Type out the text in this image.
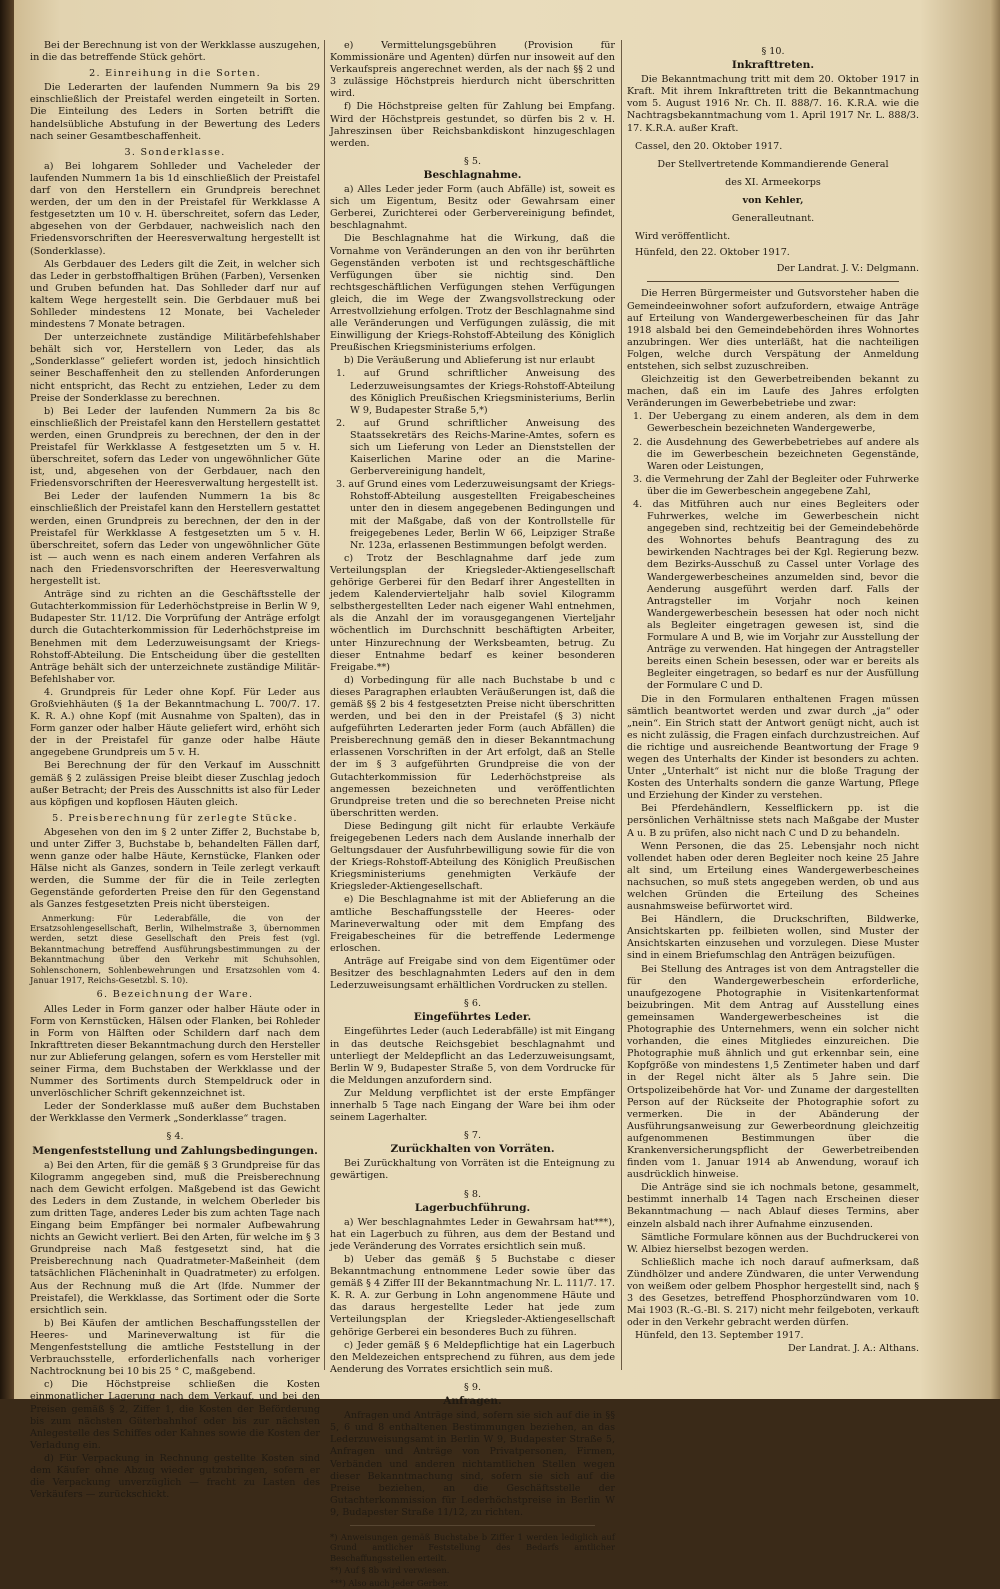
Bei der Berechnung ist von der Werkklasse auszugehen, in die das betreffende Stück gehört.

2. Einreihung in die Sorten.

Die Lederarten der laufenden Nummern 9a bis 29 einschließlich der Preistafel werden eingeteilt in Sorten. Die Einteilung des Leders in Sorten betrifft die handelsübliche Abstufung in der Bewertung des Leders nach seiner Gesamtbeschaffenheit.

3. Sonderklasse.

a) Bei lohgarem Sohlleder und Vacheleder der laufenden Nummern 1a bis 1d einschließlich der Preistafel darf von den Herstellern ein Grundpreis berechnet werden, der um den in der Preistafel für Werkklasse A festgesetzten um 10 v. H. überschreitet, sofern das Leder, abgesehen von der Gerbdauer, nachweislich nach den Friedensvorschriften der Heeresverwaltung hergestellt ist (Sonderklasse).

Als Gerbdauer des Leders gilt die Zeit, in welcher sich das Leder in gerbstoffhaltigen Brühen (Farben), Versenken und Gruben befunden hat. Das Sohlleder darf nur auf kaltem Wege hergestellt sein. Die Gerbdauer muß bei Sohlleder mindestens 12 Monate, bei Vacheleder mindestens 7 Monate betragen.

Der unterzeichnete zuständige Militärbefehlshaber behält sich vor, Herstellern von Leder, das als „Sonderklasse“ geliefert worden ist, jedoch hinsichtlich seiner Beschaffenheit den zu stellenden Anforderungen nicht entspricht, das Recht zu entziehen, Leder zu dem Preise der Sonderklasse zu berechnen.

b) Bei Leder der laufenden Nummern 2a bis 8c einschließlich der Preistafel kann den Herstellern gestattet werden, einen Grundpreis zu berechnen, der den in der Preistafel für Werkklasse A festgesetzten um 5 v. H. überschreitet, sofern das Leder von ungewöhnlicher Güte ist, und, abgesehen von der Gerbdauer, nach den Friedensvorschriften der Heeresverwaltung hergestellt ist.

Bei Leder der laufenden Nummern 1a bis 8c einschließlich der Preistafel kann den Herstellern gestattet werden, einen Grundpreis zu berechnen, der den in der Preistafel für Werkklasse A festgesetzten um 5 v. H. überschreitet, sofern das Leder von ungewöhnlicher Güte ist — auch wenn es nach einem anderen Verfahren als nach den Friedensvorschriften der Heeresverwaltung hergestellt ist.

Anträge sind zu richten an die Geschäftsstelle der Gutachterkommission für Lederhöchstpreise in Berlin W 9, Budapester Str. 11/12. Die Vorprüfung der Anträge erfolgt durch die Gutachterkommission für Lederhöchstpreise im Benehmen mit dem Lederzuweisungsamt der Kriegs-Rohstoff-Abteilung. Die Entscheidung über die gestellten Anträge behält sich der unterzeichnete zuständige Militär-Befehlshaber vor.

4. Grundpreis für Leder ohne Kopf. Für Leder aus Großviehhäuten (§ 1a der Bekanntmachung L. 700/7. 17. K. R. A.) ohne Kopf (mit Ausnahme von Spalten), das in Form ganzer oder halber Häute geliefert wird, erhöht sich der in der Preistafel für ganze oder halbe Häute angegebene Grundpreis um 5 v. H.

Bei Berechnung der für den Verkauf im Ausschnitt gemäß § 2 zulässigen Preise bleibt dieser Zuschlag jedoch außer Betracht; der Preis des Ausschnitts ist also für Leder aus köpfigen und kopflosen Häuten gleich.

5. Preisberechnung für zerlegte Stücke.

Abgesehen von den im § 2 unter Ziffer 2, Buchstabe b, und unter Ziffer 3, Buchstabe b, behandelten Fällen darf, wenn ganze oder halbe Häute, Kernstücke, Flanken oder Hälse nicht als Ganzes, sondern in Teile zerlegt verkauft werden, die Summe der für die in Teile zerlegten Gegenstände geforderten Preise den für den Gegenstand als Ganzes festgesetzten Preis nicht übersteigen.

Anmerkung: Für Lederabfälle, die von der Ersatzsohlengesellschaft, Berlin, Wilhelmstraße 3, übernommen werden, setzt diese Gesellschaft den Preis fest (vgl. Bekanntmachung betreffend Ausführungsbestimmungen zu der Bekanntmachung über den Verkehr mit Schuhsohlen, Sohlenschonern, Sohlenbewehrungen und Ersatzsohlen vom 4. Januar 1917, Reichs-Gesetzbl. S. 10).

6. Bezeichnung der Ware.

Alles Leder in Form ganzer oder halber Häute oder in Form von Kernstücken, Hälsen oder Flanken, bei Rohleder in Form von Hälften oder Schildern darf nach dem Inkrafttreten dieser Bekanntmachung durch den Hersteller nur zur Ablieferung gelangen, sofern es vom Hersteller mit seiner Firma, dem Buchstaben der Werkklasse und der Nummer des Sortiments durch Stempeldruck oder in unverlöschlicher Schrift gekennzeichnet ist.

Leder der Sonderklasse muß außer dem Buchstaben der Werkklasse den Vermerk „Sonderklasse“ tragen.

§ 4.

Mengenfeststellung und Zahlungsbedingungen.

a) Bei den Arten, für die gemäß § 3 Grundpreise für das Kilogramm angegeben sind, muß die Preisberechnung nach dem Gewicht erfolgen. Maßgebend ist das Gewicht des Leders in dem Zustande, in welchem Oberleder bis zum dritten Tage, anderes Leder bis zum achten Tage nach Eingang beim Empfänger bei normaler Aufbewahrung nichts an Gewicht verliert. Bei den Arten, für welche im § 3 Grundpreise nach Maß festgesetzt sind, hat die Preisberechnung nach Quadratmeter-Maßeinheit (dem tatsächlichen Flächeninhalt in Quadratmeter) zu erfolgen. Aus der Rechnung muß die Art (lfde. Nummer der Preistafel), die Werkklasse, das Sortiment oder die Sorte ersichtlich sein.

b) Bei Käufen der amtlichen Beschaffungsstellen der Heeres- und Marineverwaltung ist für die Mengenfeststellung die amtliche Feststellung in der Verbrauchsstelle, erforderlichenfalls nach vorheriger Nachtrocknung bei 10 bis 25 ° C, maßgebend.

c) Die Höchstpreise schließen die Kosten einmonatlicher Lagerung nach dem Verkauf, und bei den Preisen gemäß § 2, Ziffer 1, die Kosten der Beförderung bis zum nächsten Güterbahnhof oder bis zur nächsten Anlegestelle des Schiffes oder Kahnes sowie die Kosten der Verladung ein.

d) Für Verpackung in Rechnung gestellte Kosten sind dem Käufer ohne Abzug wieder gutzubringen, sofern er die Verpackung unverzüglich — fracht zu Lasten des Verkäufers — zurückschickt.

e) Vermittelungsgebühren (Provision für Kommissionäre und Agenten) dürfen nur insoweit auf den Verkaufspreis angerechnet werden, als der nach §§ 2 und 3 zulässige Höchstpreis hierdurch nicht überschritten wird.

f) Die Höchstpreise gelten für Zahlung bei Empfang. Wird der Höchstpreis gestundet, so dürfen bis 2 v. H. Jahreszinsen über Reichsbankdiskont hinzugeschlagen werden.

§ 5.

Beschlagnahme.

a) Alles Leder jeder Form (auch Abfälle) ist, soweit es sich um Eigentum, Besitz oder Gewahrsam einer Gerberei, Zurichterei oder Gerbervereinigung befindet, beschlagnahmt.

Die Beschlagnahme hat die Wirkung, daß die Vornahme von Veränderungen an den von ihr berührten Gegenständen verboten ist und rechtsgeschäftliche Verfügungen über sie nichtig sind. Den rechtsgeschäftlichen Verfügungen stehen Verfügungen gleich, die im Wege der Zwangsvollstreckung oder Arrestvollziehung erfolgen. Trotz der Beschlagnahme sind alle Veränderungen und Verfügungen zulässig, die mit Einwilligung der Kriegs-Rohstoff-Abteilung des Königlich Preußischen Kriegsministeriums erfolgen.

b) Die Veräußerung und Ablieferung ist nur erlaubt

1. auf Grund schriftlicher Anweisung des Lederzuweisungsamtes der Kriegs-Rohstoff-Abteilung des Königlich Preußischen Kriegsministeriums, Berlin W 9, Budapester Straße 5,*)

2. auf Grund schriftlicher Anweisung des Staatssekretärs des Reichs-Marine-Amtes, sofern es sich um Lieferung von Leder an Dienststellen der Kaiserlichen Marine oder an die Marine-Gerbervereinigung handelt,

3. auf Grund eines vom Lederzuweisungsamt der Kriegs-Rohstoff-Abteilung ausgestellten Freigabescheines unter den in diesem angegebenen Bedingungen und mit der Maßgabe, daß von der Kontrollstelle für freigegebenes Leder, Berlin W 66, Leipziger Straße Nr. 123a, erlassenen Bestimmungen befolgt werden.

c) Trotz der Beschlagnahme darf jede zum Verteilungsplan der Kriegsleder-Aktiengesellschaft gehörige Gerberei für den Bedarf ihrer Angestellten in jedem Kalendervierteljahr halb soviel Kilogramm selbsthergestellten Leder nach eigener Wahl entnehmen, als die Anzahl der im vorausgegangenen Vierteljahr wöchentlich im Durchschnitt beschäftigten Arbeiter, unter Hinzurechnung der Werksbeamten, betrug. Zu dieser Entnahme bedarf es keiner besonderen Freigabe.**)

d) Vorbedingung für alle nach Buchstabe b und c dieses Paragraphen erlaubten Veräußerungen ist, daß die gemäß §§ 2 bis 4 festgesetzten Preise nicht überschritten werden, und bei den in der Preistafel (§ 3) nicht aufgeführten Lederarten jeder Form (auch Abfällen) die Preisberechnung gemäß den in dieser Bekanntmachung erlassenen Vorschriften in der Art erfolgt, daß an Stelle der im § 3 aufgeführten Grundpreise die von der Gutachterkommission für Lederhöchstpreise als angemessen bezeichneten und veröffentlichten Grundpreise treten und die so berechneten Preise nicht überschritten werden.

Diese Bedingung gilt nicht für erlaubte Verkäufe freigegebenen Leders nach dem Auslande innerhalb der Geltungsdauer der Ausfuhrbewilligung sowie für die von der Kriegs-Rohstoff-Abteilung des Königlich Preußischen Kriegsministeriums genehmigten Verkäufe der Kriegsleder-Aktiengesellschaft.

e) Die Beschlagnahme ist mit der Ablieferung an die amtliche Beschaffungsstelle der Heeres- oder Marineverwaltung oder mit dem Empfang des Freigabescheines für die betreffende Ledermenge erloschen.

Anträge auf Freigabe sind von dem Eigentümer oder Besitzer des beschlagnahmten Leders auf den in dem Lederzuweisungsamt erhältlichen Vordrucken zu stellen.

§ 6.

Eingeführtes Leder.

Eingeführtes Leder (auch Lederabfälle) ist mit Eingang in das deutsche Reichsgebiet beschlagnahmt und unterliegt der Meldepflicht an das Lederzuweisungsamt, Berlin W 9, Budapester Straße 5, von dem Vordrucke für die Meldungen anzufordern sind.

Zur Meldung verpflichtet ist der erste Empfänger innerhalb 5 Tage nach Eingang der Ware bei ihm oder seinem Lagerhalter.

§ 7.

Zurückhalten von Vorräten.

Bei Zurückhaltung von Vorräten ist die Enteignung zu gewärtigen.

§ 8.

Lagerbuchführung.

a) Wer beschlagnahmtes Leder in Gewahrsam hat***), hat ein Lagerbuch zu führen, aus dem der Bestand und jede Veränderung des Vorrates ersichtlich sein muß.

b) Ueber das gemäß § 5 Buchstabe c dieser Bekanntmachung entnommene Leder sowie über das gemäß § 4 Ziffer III der Bekanntmachung Nr. L. 111/7. 17. K. R. A. zur Gerbung in Lohn angenommene Häute und das daraus hergestellte Leder hat jede zum Verteilungsplan der Kriegsleder-Aktiengesellschaft gehörige Gerberei ein besonderes Buch zu führen.

c) Jeder gemäß § 6 Meldepflichtige hat ein Lagerbuch den Meldezeichen entsprechend zu führen, aus dem jede Aenderung des Vorrates ersichtlich sein muß.

§ 9.

Anfragen.

Anfragen und Anträge sind, sofern sie sich auf die in §§ 5, 6 und 8 enthaltenen Bestimmungen beziehen, an das Lederzuweisungsamt in Berlin W 9, Budapester Straße 5, Anfragen und Anträge von Privatpersonen, Firmen, Verbänden und anderen nichtamtlichen Stellen wegen dieser Bekanntmachung sind, sofern sie sich auf die Preise beziehen, an die Geschäftsstelle der Gutachterkommission für Lederhöchstpreise in Berlin W 9, Budapester Straße 11/12, zu richten.

*) Anweisungen gemäß Buchstabe b Ziffer 1 werden lediglich auf Grund amtlicher Feststellung des Bedarfs amtlicher Beschaffungsstellen erteilt.

**) Auf § 8b wird verwiesen.

***) Also auch jeder Gerber.

§ 10.

Inkrafttreten.

Die Bekanntmachung tritt mit dem 20. Oktober 1917 in Kraft. Mit ihrem Inkrafttreten tritt die Bekanntmachung vom 5. August 1916 Nr. Ch. II. 888/7. 16. K.R.A. wie die Nachtragsbekanntmachung vom 1. April 1917 Nr. L. 888/3. 17. K.R.A. außer Kraft.

Cassel, den 20. Oktober 1917.

Der Stellvertretende Kommandierende General

des XI. Armeekorps

von Kehler,

Generalleutnant.

Wird veröffentlicht.

Hünfeld, den 22. Oktober 1917.

Der Landrat. J. V.: Delgmann.

Die Herren Bürgermeister und Gutsvorsteher haben die Gemeindeeinwohner sofort aufzufordern, etwaige Anträge auf Erteilung von Wandergewerbescheinen für das Jahr 1918 alsbald bei den Gemeindebehörden ihres Wohnortes anzubringen. Wer dies unterläßt, hat die nachteiligen Folgen, welche durch Verspätung der Anmeldung entstehen, sich selbst zuzuschreiben.

Gleichzeitig ist den Gewerbetreibenden bekannt zu machen, daß ein im Laufe des Jahres erfolgten Veränderungen im Gewerbebetriebe und zwar:

1. Der Uebergang zu einem anderen, als dem in dem Gewerbeschein bezeichneten Wandergewerbe,

2. die Ausdehnung des Gewerbebetriebes auf andere als die im Gewerbeschein bezeichneten Gegenstände, Waren oder Leistungen,

3. die Vermehrung der Zahl der Begleiter oder Fuhrwerke über die im Gewerbeschein angegebene Zahl,

4. das Mitführen auch nur eines Begleiters oder Fuhrwerkes, welche im Gewerbeschein nicht angegeben sind, rechtzeitig bei der Gemeindebehörde des Wohnortes behufs Beantragung des zu bewirkenden Nachtrages bei der Kgl. Regierung bezw. dem Bezirks-Ausschuß zu Cassel unter Vorlage des Wandergewerbescheines anzumelden sind, bevor die Aenderung ausgeführt werden darf. Falls der Antragsteller im Vorjahr noch keinen Wandergewerbeschein besessen hat oder noch nicht als Begleiter eingetragen gewesen ist, sind die Formulare A und B, wie im Vorjahr zur Ausstellung der Anträge zu verwenden. Hat hingegen der Antragsteller bereits einen Schein besessen, oder war er bereits als Begleiter eingetragen, so bedarf es nur der Ausfüllung der Formulare C und D.

Die in den Formularen enthaltenen Fragen müssen sämtlich beantwortet werden und zwar durch „ja“ oder „nein“. Ein Strich statt der Antwort genügt nicht, auch ist es nicht zulässig, die Fragen einfach durchzustreichen. Auf die richtige und ausreichende Beantwortung der Frage 9 wegen des Unterhalts der Kinder ist besonders zu achten. Unter „Unterhalt“ ist nicht nur die bloße Tragung der Kosten des Unterhalts sondern die ganze Wartung, Pflege und Erziehung der Kinder zu verstehen.

Bei Pferdehändlern, Kesselflickern pp. ist die persönlichen Verhältnisse stets nach Maßgabe der Muster A u. B zu prüfen, also nicht nach C und D zu behandeln.

Wenn Personen, die das 25. Lebensjahr noch nicht vollendet haben oder deren Begleiter noch keine 25 Jahre alt sind, um Erteilung eines Wandergewerbescheines nachsuchen, so muß stets angegeben werden, ob und aus welchen Gründen die Erteilung des Scheines ausnahmsweise befürwortet wird.

Bei Händlern, die Druckschriften, Bildwerke, Ansichtskarten pp. feilbieten wollen, sind Muster der Ansichtskarten einzusehen und vorzulegen. Diese Muster sind in einem Briefumschlag den Anträgen beizufügen.

Bei Stellung des Antrages ist von dem Antragsteller die für den Wandergewerbeschein erforderliche, unaufgezogene Photographie in Visitenkartenformat beizubringen. Mit dem Antrag auf Ausstellung eines gemeinsamen Wandergewerbescheines ist die Photographie des Unternehmers, wenn ein solcher nicht vorhanden, die eines Mitgliedes einzureichen. Die Photographie muß ähnlich und gut erkennbar sein, eine Kopfgröße von mindestens 1,5 Zentimeter haben und darf in der Regel nicht älter als 5 Jahre sein. Die Ortspolizeibehörde hat Vor- und Zuname der dargestellten Person auf der Rückseite der Photographie sofort zu vermerken. Die in der Abänderung der Ausführungsanweisung zur Gewerbeordnung gleichzeitig aufgenommenen Bestimmungen über die Krankenversicherungspflicht der Gewerbetreibenden finden vom 1. Januar 1914 ab Anwendung, worauf ich ausdrücklich hinweise.

Die Anträge sind sie ich nochmals betone, gesammelt, bestimmt innerhalb 14 Tagen nach Erscheinen dieser Bekanntmachung — nach Ablauf dieses Termins, aber einzeln alsbald nach ihrer Aufnahme einzusenden.

Sämtliche Formulare können aus der Buchdruckerei von W. Albiez hierselbst bezogen werden.

Schließlich mache ich noch darauf aufmerksam, daß Zündhölzer und andere Zündwaren, die unter Verwendung von weißem oder gelbem Phosphor hergestellt sind, nach § 3 des Gesetzes, betreffend Phosphorzündwaren vom 10. Mai 1903 (R.-G.-Bl. S. 217) nicht mehr feilgeboten, verkauft oder in den Verkehr gebracht werden dürfen.

Hünfeld, den 13. September 1917.

Der Landrat. J. A.: Althans.
